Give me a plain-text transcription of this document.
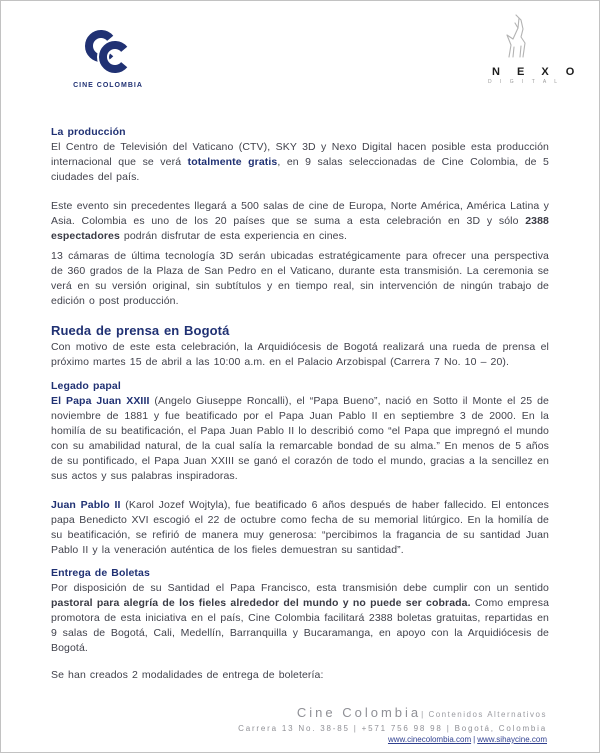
CINE COLOMBIA
N E X O
D I G I T A L
La producción

El Centro de Televisión del Vaticano (CTV), SKY 3D y Nexo Digital hacen posible esta producción internacional que se verá totalmente gratis, en 9 salas seleccionadas de Cine Colombia, de 5 ciudades del país.

Este evento sin precedentes llegará a 500 salas de cine de Europa, Norte América, América Latina y Asia. Colombia es uno de los 20 países que se suma a esta celebración en 3D y sólo 2388 espectadores podrán disfrutar de esta experiencia en cines.

13 cámaras de última tecnología 3D serán ubicadas estratégicamente para ofrecer una perspectiva de 360 grados de la Plaza de San Pedro en el Vaticano, durante esta transmisión. La ceremonia se verá en su versión original, sin subtítulos y en tiempo real, sin intervención de ningún trabajo de edición o post producción.

Rueda de prensa en Bogotá

Con motivo de este esta celebración, la Arquidiócesis de Bogotá realizará una rueda de prensa el próximo martes 15 de abril a las 10:00 a.m. en el Palacio Arzobispal (Carrera 7 No. 10 – 20).

Legado papal

El Papa Juan XXIII (Angelo Giuseppe Roncalli), el “Papa Bueno”, nació en Sotto il Monte el 25 de noviembre de 1881 y fue beatificado por el Papa Juan Pablo II en septiembre 3 de 2000. En la homilía de su beatificación, el Papa Juan Pablo II lo describió como “el Papa que impregnó el mundo con su amabilidad natural, de la cual salía la remarcable bondad de su alma.” En menos de 5 años de su pontificado, el Papa Juan XXIII se ganó el corazón de todo el mundo, gracias a la sencillez en sus actos y sus palabras inspiradoras.

Juan Pablo II (Karol Jozef Wojtyla), fue beatificado 6 años después de haber fallecido. El entonces papa Benedicto XVI escogió el 22 de octubre como fecha de su memorial litúrgico. En la homilía de su beatificación, se refirió de manera muy generosa: “percibimos la fragancia de su santidad Juan Pablo II y la veneración auténtica de los fieles demuestran su santidad”.

Entrega de Boletas

Por disposición de su Santidad el Papa Francisco, esta transmisión debe cumplir con un sentido pastoral para alegría de los fieles alrededor del mundo y no puede ser cobrada. Como empresa promotora de esta iniciativa en el país, Cine Colombia facilitará 2388 boletas gratuitas, repartidas en 9 salas de Bogotá, Cali, Medellín, Barranquilla y Bucaramanga, en apoyo con la Arquidiócesis de Bogotá.

Se han creados 2 modalidades de entrega de boletería:

Cine Colombia| Contenidos Alternativos
Carrera 13 No. 38-85 | +571 756 98 98 | Bogotá, Colombia
www.cinecolombia.com | www.sihaycine.com
